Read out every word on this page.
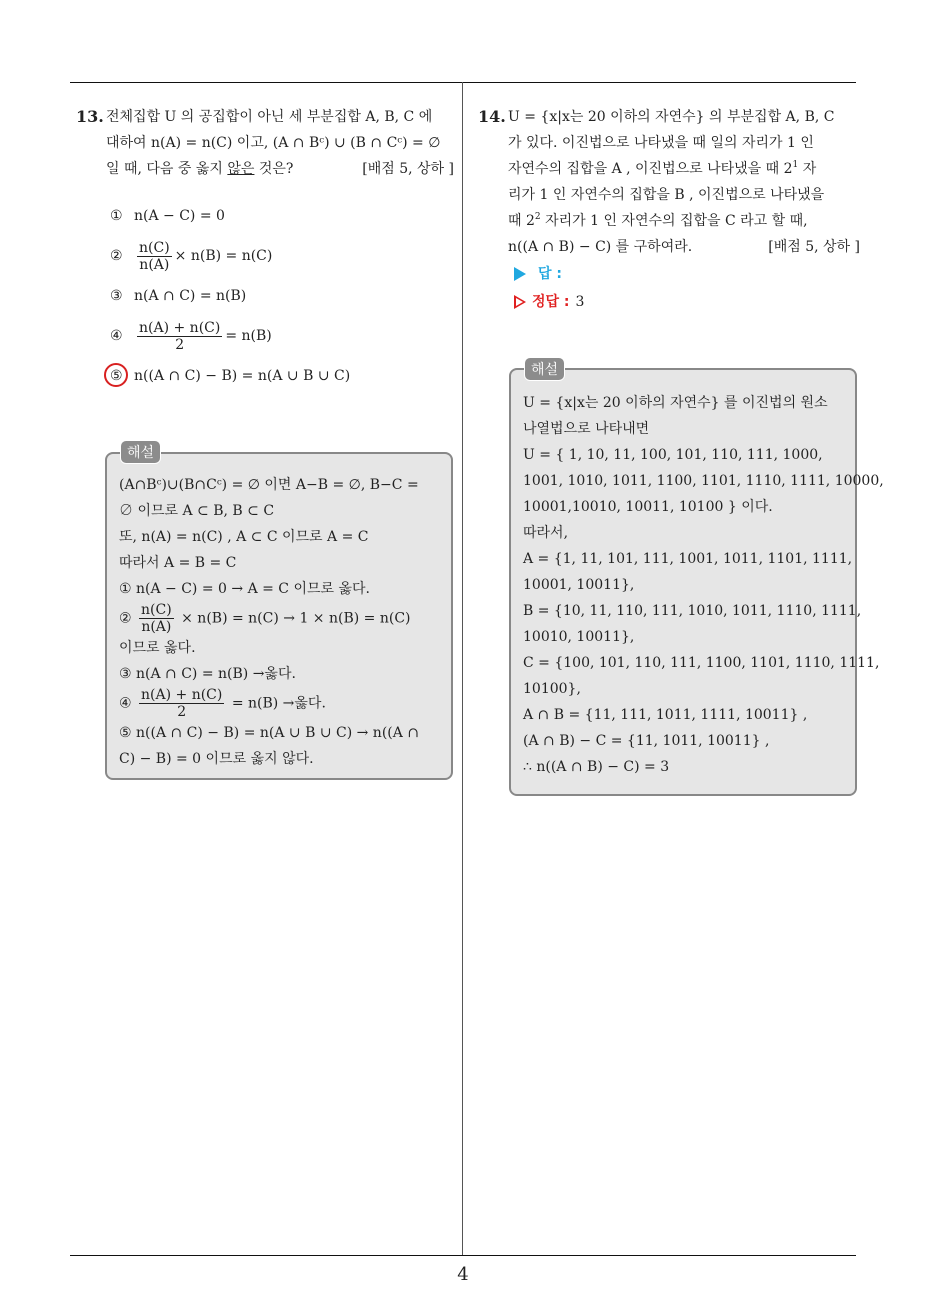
4
13. 전체집합 U 의 공집합이 아닌 세 부분집합 A, B, C 에
대하여 n(A) = n(C) 이고, (A ∩ Bᶜ) ∪ (B ∩ Cᶜ) = ∅
일 때, 다음 중 옳지 않은 것은?	[배점 5, 상하 ]
① n(A − C) = 0
②	$\frac{n(C)}{n(A)} \times n(B) = n(C)$
③ n(A ∩ C) = n(B)
④	$\frac{n(A) + n(C)}{2} = n(B)$
⑤ n((A ∩ C) − B) = n(A ∪ B ∪ C)
(A∩Bᶜ)∪(B∩Cᶜ) = ∅ 이면 A−B = ∅, B−C =
∅ 이므로 A ⊂ B, B ⊂ C
또, n(A) = n(C) , A ⊂ C 이므로 A = C
따라서 A = B = C
① n(A − C) = 0 → A = C 이므로 옳다.
② $\frac{n(C)}{n(A)} \times n(B) = n(C) \to 1 \times n(B) = n(C)$
이므로 옳다.
③ n(A ∩ C) = n(B) →옳다.
④ $\frac{n(A) + n(C)}{2} = n(B)$ →옳다.
⑤ n((A ∩ C) − B) = n(A ∪ B ∪ C) → n((A ∩
C) − B) = 0 이므로 옳지 않다.
해설
14. U = {x|x는 20 이하의 자연수} 의 부분집합 A, B, C
가 있다. 이진법으로 나타냈을 때 일의 자리가 1 인
자연수의 집합을 A , 이진법으로 나타냈을 때 $2^1$ 자
리가 1 인 자연수의 집합을 B , 이진법으로 나타냈을
때 $2^2$ 자리가 1 인 자연수의 집합을 C 라고 할 때,
n((A ∩ B) − C) 를 구하여라.	[배점 5, 상하 ]
답 :
정답 : 3
U = {x|x는 20 이하의 자연수} 를 이진법의 원소
나열법으로 나타내면
U = { 1, 10, 11, 100, 101, 110, 111, 1000,
1001, 1010, 1011, 1100, 1101, 1110, 1111, 10000,
10001,10010, 10011, 10100 } 이다.
따라서,
A = {1, 11, 101, 111, 1001, 1011, 1101, 1111,
10001, 10011},
B = {10, 11, 110, 111, 1010, 1011, 1110, 1111,
10010, 10011},
C = {100, 101, 110, 111, 1100, 1101, 1110, 1111,
10100},
A ∩ B = {11, 111, 1011, 1111, 10011} ,
(A ∩ B) − C = {11, 1011, 10011} ,
∴ n((A ∩ B) − C) = 3
해설
